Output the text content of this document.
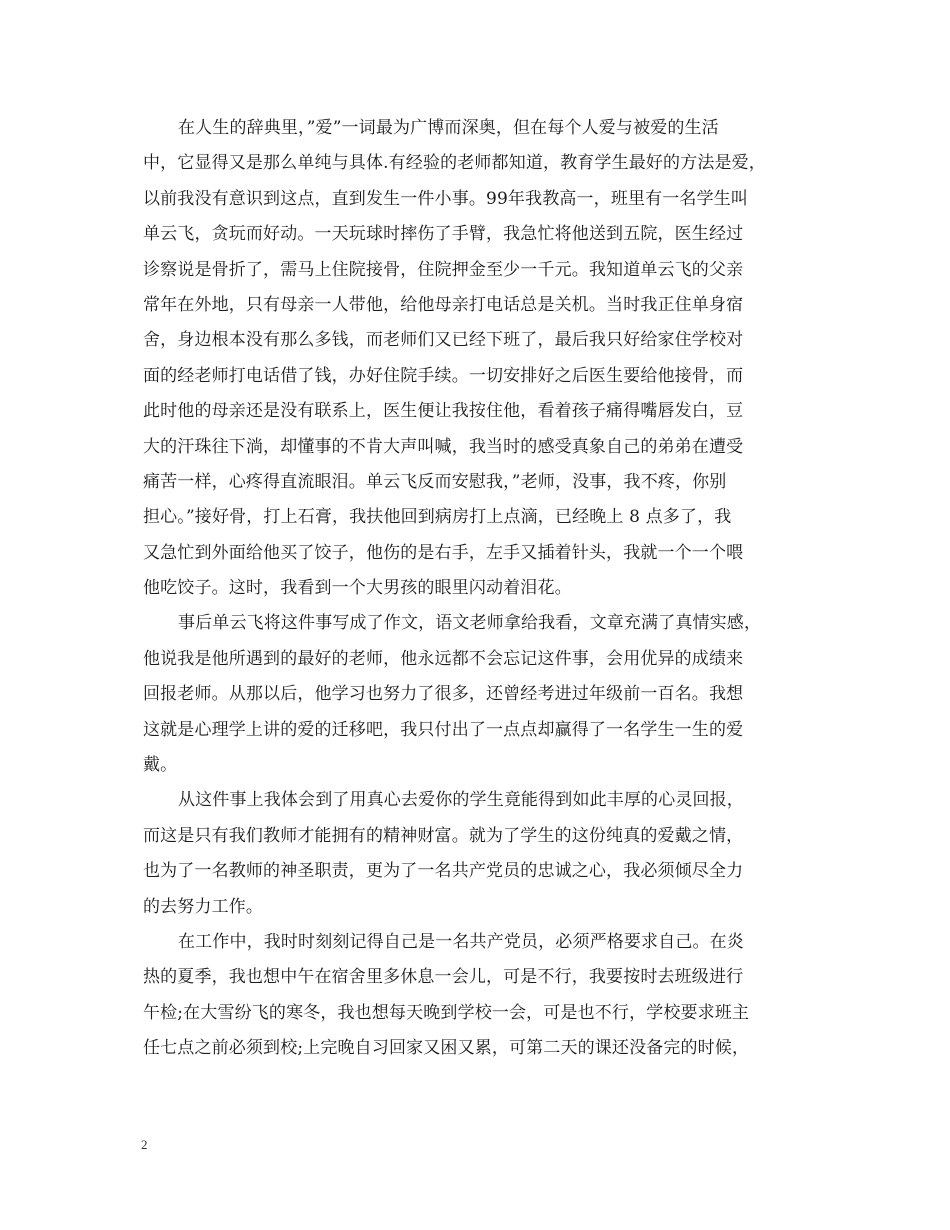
在人生的辞典里，”爱”一词最为广博而深奥，但在每个人爱与被爱的生活
中，它显得又是那么单纯与具体.有经验的老师都知道，教育学生最好的方法是爱，
以前我没有意识到这点，直到发生一件小事。99年我教高一，班里有一名学生叫
单云飞，贪玩而好动。一天玩球时摔伤了手臂，我急忙将他送到五院，医生经过
诊察说是骨折了，需马上住院接骨，住院押金至少一千元。我知道单云飞的父亲
常年在外地，只有母亲一人带他，给他母亲打电话总是关机。当时我正住单身宿
舍，身边根本没有那么多钱，而老师们又已经下班了，最后我只好给家住学校对
面的经老师打电话借了钱，办好住院手续。一切安排好之后医生要给他接骨，而
此时他的母亲还是没有联系上，医生便让我按住他，看着孩子痛得嘴唇发白，豆
大的汗珠往下淌，却懂事的不肯大声叫喊，我当时的感受真象自己的弟弟在遭受
痛苦一样，心疼得直流眼泪。单云飞反而安慰我，”老师，没事，我不疼，你别
担心。”接好骨，打上石膏，我扶他回到病房打上点滴，已经晚上 8 点多了，我
又急忙到外面给他买了饺子，他伤的是右手，左手又插着针头，我就一个一个喂
他吃饺子。这时，我看到一个大男孩的眼里闪动着泪花。
事后单云飞将这件事写成了作文，语文老师拿给我看，文章充满了真情实感，
他说我是他所遇到的最好的老师，他永远都不会忘记这件事，会用优异的成绩来
回报老师。从那以后，他学习也努力了很多，还曾经考进过年级前一百名。我想
这就是心理学上讲的爱的迁移吧，我只付出了一点点却赢得了一名学生一生的爱
戴。
从这件事上我体会到了用真心去爱你的学生竟能得到如此丰厚的心灵回报，
而这是只有我们教师才能拥有的精神财富。就为了学生的这份纯真的爱戴之情，
也为了一名教师的神圣职责，更为了一名共产党员的忠诚之心，我必须倾尽全力
的去努力工作。
在工作中，我时时刻刻记得自己是一名共产党员，必须严格要求自己。在炎
热的夏季，我也想中午在宿舍里多休息一会儿，可是不行，我要按时去班级进行
午检;在大雪纷飞的寒冬，我也想每天晚到学校一会，可是也不行，学校要求班主
任七点之前必须到校;上完晚自习回家又困又累，可第二天的课还没备完的时候，
2
